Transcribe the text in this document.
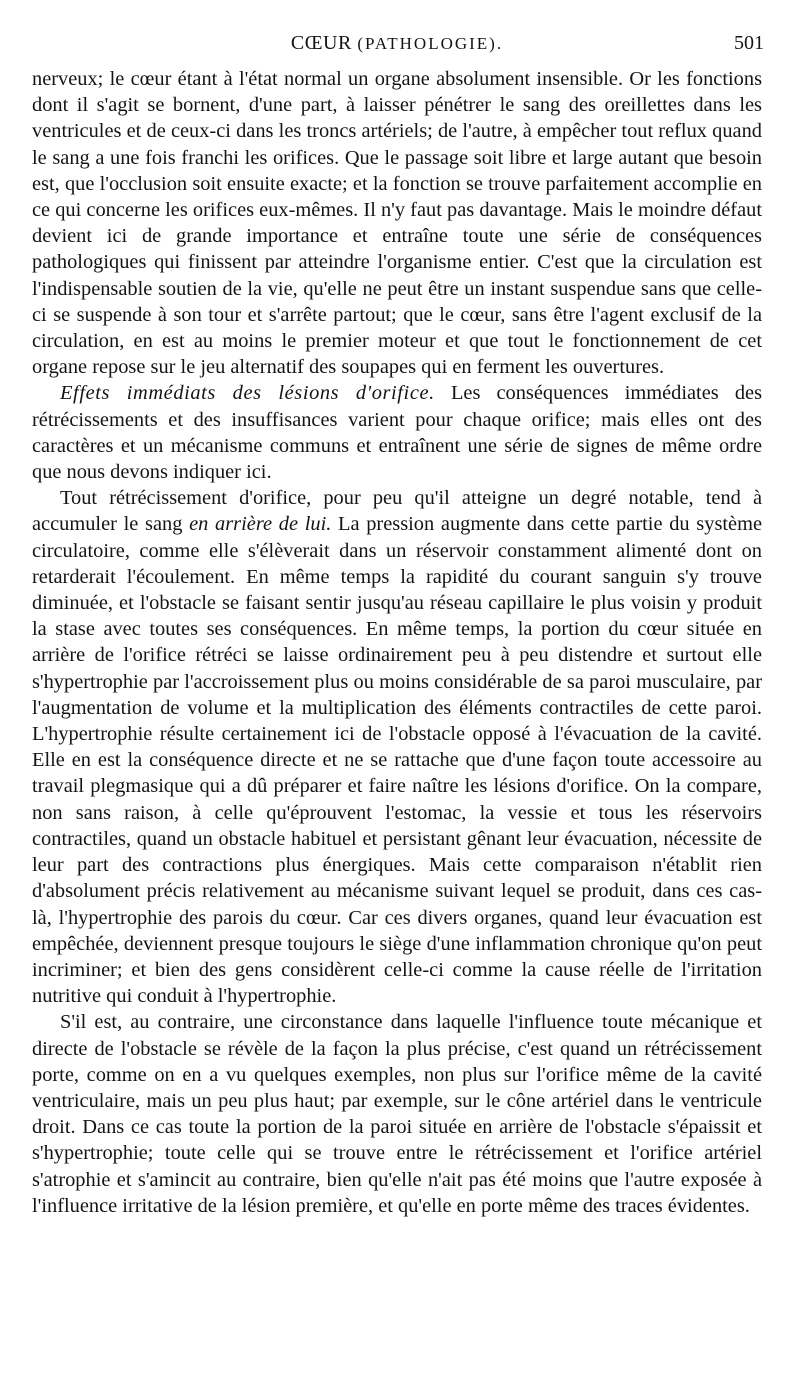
CŒUR (PATHOLOGIE).	501

nerveux; le cœur étant à l'état normal un organe absolument insensible. Or les fonctions dont il s'agit se bornent, d'une part, à laisser pénétrer le sang des oreillettes dans les ventricules et de ceux-ci dans les troncs artériels; de l'autre, à empêcher tout reflux quand le sang a une fois franchi les orifices. Que le passage soit libre et large autant que besoin est, que l'occlusion soit ensuite exacte; et la fonction se trouve parfaitement accomplie en ce qui concerne les orifices eux-mêmes. Il n'y faut pas davantage. Mais le moindre défaut devient ici de grande importance et entraîne toute une série de conséquences pathologiques qui finissent par atteindre l'organisme entier. C'est que la circulation est l'indispensable soutien de la vie, qu'elle ne peut être un instant suspendue sans que celle-ci se suspende à son tour et s'arrête partout; que le cœur, sans être l'agent exclusif de la circulation, en est au moins le premier moteur et que tout le fonctionnement de cet organe repose sur le jeu alternatif des soupapes qui en ferment les ouvertures.

Effets immédiats des lésions d'orifice. Les conséquences immédiates des rétrécissements et des insuffisances varient pour chaque orifice; mais elles ont des caractères et un mécanisme communs et entraînent une série de signes de même ordre que nous devons indiquer ici.

Tout rétrécissement d'orifice, pour peu qu'il atteigne un degré notable, tend à accumuler le sang en arrière de lui. La pression augmente dans cette partie du système circulatoire, comme elle s'élèverait dans un réservoir constamment alimenté dont on retarderait l'écoulement. En même temps la rapidité du courant sanguin s'y trouve diminuée, et l'obstacle se faisant sentir jusqu'au réseau capillaire le plus voisin y produit la stase avec toutes ses conséquences. En même temps, la portion du cœur située en arrière de l'orifice rétréci se laisse ordinairement peu à peu distendre et surtout elle s'hypertrophie par l'accroissement plus ou moins considérable de sa paroi musculaire, par l'augmentation de volume et la multiplication des éléments contractiles de cette paroi. L'hypertrophie résulte certainement ici de l'obstacle opposé à l'évacuation de la cavité. Elle en est la conséquence directe et ne se rattache que d'une façon toute accessoire au travail plegmasique qui a dû préparer et faire naître les lésions d'orifice. On la compare, non sans raison, à celle qu'éprouvent l'estomac, la vessie et tous les réservoirs contractiles, quand un obstacle habituel et persistant gênant leur évacuation, nécessite de leur part des contractions plus énergiques. Mais cette comparaison n'établit rien d'absolument précis relativement au mécanisme suivant lequel se produit, dans ces cas-là, l'hypertrophie des parois du cœur. Car ces divers organes, quand leur évacuation est empêchée, deviennent presque toujours le siège d'une inflammation chronique qu'on peut incriminer; et bien des gens considèrent celle-ci comme la cause réelle de l'irritation nutritive qui conduit à l'hypertrophie.

S'il est, au contraire, une circonstance dans laquelle l'influence toute mécanique et directe de l'obstacle se révèle de la façon la plus précise, c'est quand un rétrécissement porte, comme on en a vu quelques exemples, non plus sur l'orifice même de la cavité ventriculaire, mais un peu plus haut; par exemple, sur le cône artériel dans le ventricule droit. Dans ce cas toute la portion de la paroi située en arrière de l'obstacle s'épaissit et s'hypertrophie; toute celle qui se trouve entre le rétrécissement et l'orifice artériel s'atrophie et s'amincit au contraire, bien qu'elle n'ait pas été moins que l'autre exposée à l'influence irritative de la lésion première, et qu'elle en porte même des traces évidentes.
